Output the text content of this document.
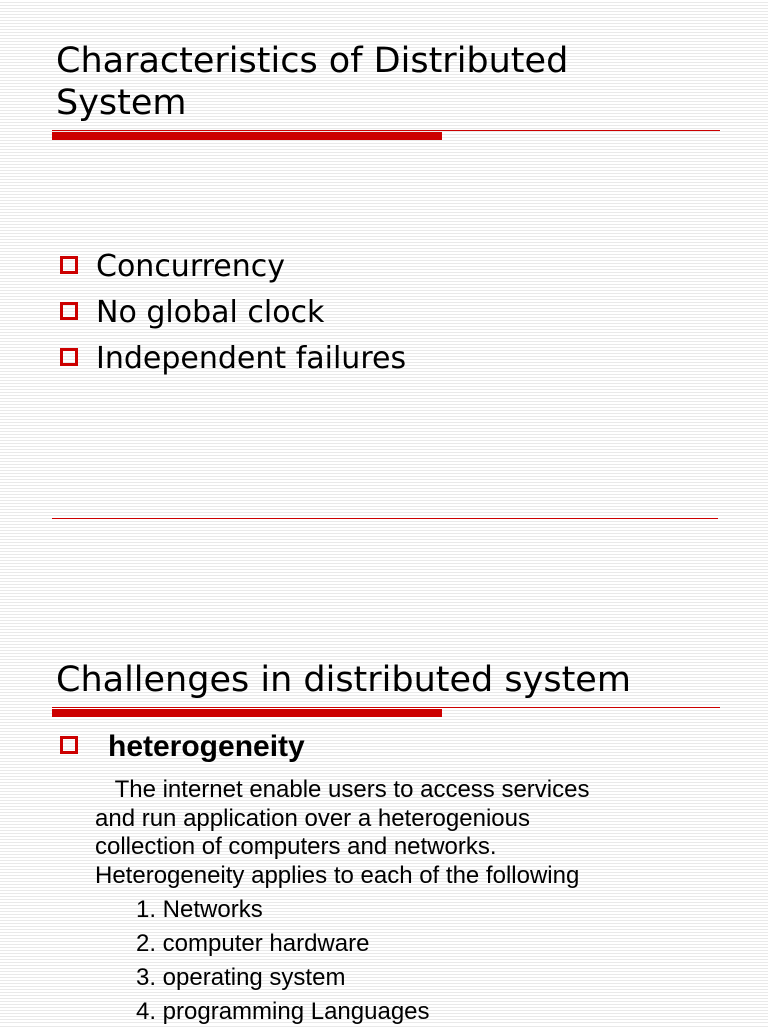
Characteristics of Distributed
System
Concurrency
No global clock
Independent failures
Challenges in distributed system
heterogeneity
The internet enable users to access services
and run application over a heterogenious
collection of computers and networks.
Heterogeneity applies to each of the following
1. Networks
2. computer hardware
3. operating system
4. programming Languages
